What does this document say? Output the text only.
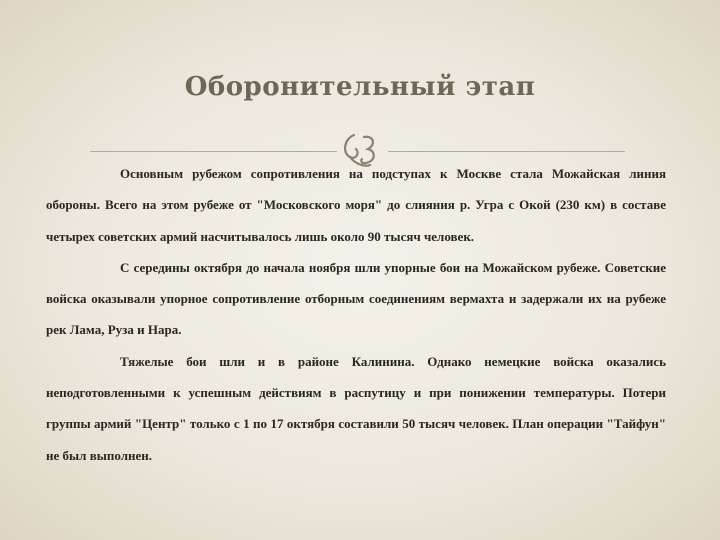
Оборонительный этап

Основным рубежом сопротивления на подступах к Москве стала Можайская линия обороны. Всего на этом рубеже от "Московского моря" до слияния р. Угра с Окой (230 км) в составе четырех советских армий насчитывалось лишь около 90 тысяч человек.

С середины октября до начала ноября шли упорные бои на Можайском рубеже. Советские войска оказывали упорное сопротивление отборным соединениям вермахта и задержали их на рубеже рек Лама, Руза и Нара.

Тяжелые бои шли и в районе Калинина. Однако немецкие войска оказались неподготовленными к успешным действиям в распутицу и при понижении температуры. Потери группы армий "Центр" только с 1 по 17 октября составили 50 тысяч человек. План операции "Тайфун" не был выполнен.
